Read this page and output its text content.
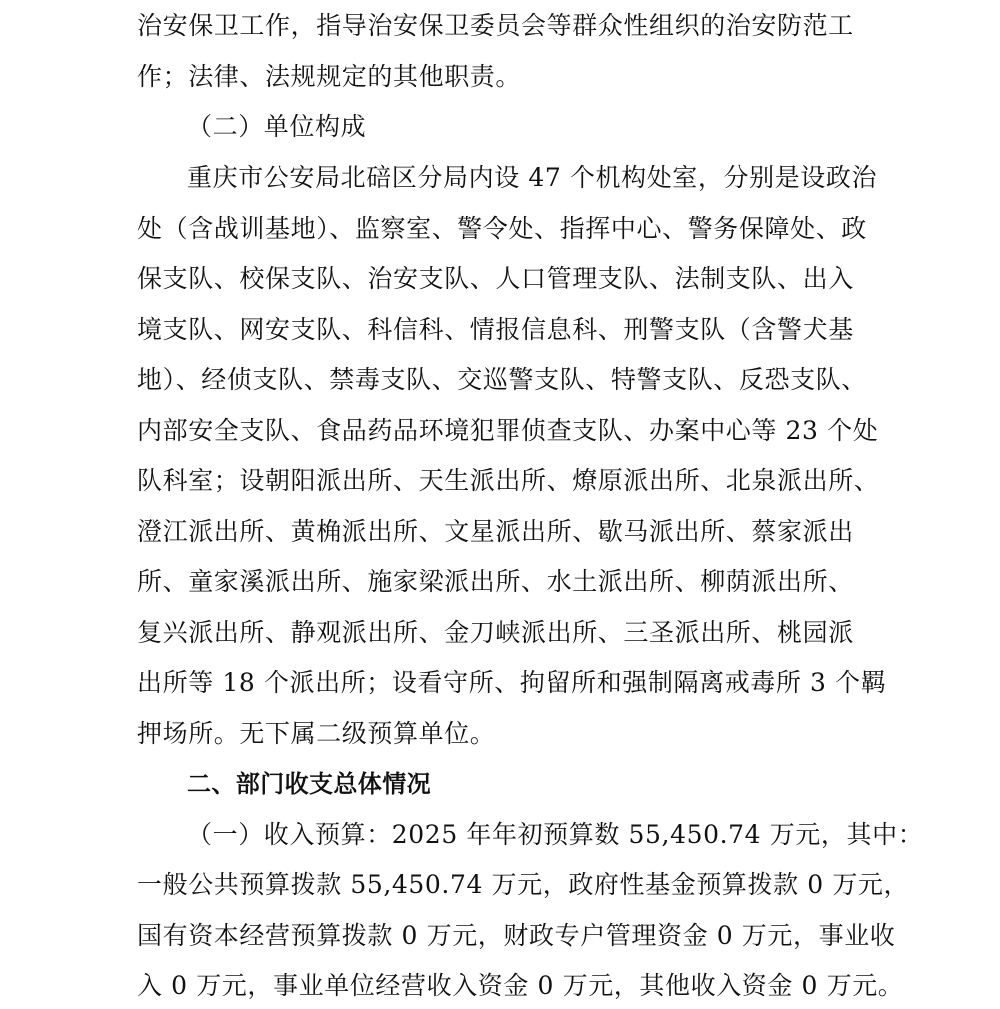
治安保卫工作，指导治安保卫委员会等群众性组织的治安防范工
作；法律、法规规定的其他职责。
（二）单位构成
重庆市公安局北碚区分局内设 47 个机构处室，分别是设政治
处（含战训基地）、监察室、警令处、指挥中心、警务保障处、政
保支队、校保支队、治安支队、人口管理支队、法制支队、出入
境支队、网安支队、科信科、情报信息科、刑警支队（含警犬基
地）、经侦支队、禁毒支队、交巡警支队、特警支队、反恐支队、
内部安全支队、食品药品环境犯罪侦查支队、办案中心等 23 个处
队科室；设朝阳派出所、天生派出所、燎原派出所、北泉派出所、
澄江派出所、黄桷派出所、文星派出所、歇马派出所、蔡家派出
所、童家溪派出所、施家梁派出所、水土派出所、柳荫派出所、
复兴派出所、静观派出所、金刀峡派出所、三圣派出所、桃园派
出所等 18 个派出所；设看守所、拘留所和强制隔离戒毒所 3 个羁
押场所。无下属二级预算单位。
二、部门收支总体情况
（一）收入预算：2025 年年初预算数 55,450.74 万元，其中：
一般公共预算拨款 55,450.74 万元，政府性基金预算拨款 0 万元，
国有资本经营预算拨款 0 万元，财政专户管理资金 0 万元，事业收
入 0 万元，事业单位经营收入资金 0 万元，其他收入资金 0 万元。
